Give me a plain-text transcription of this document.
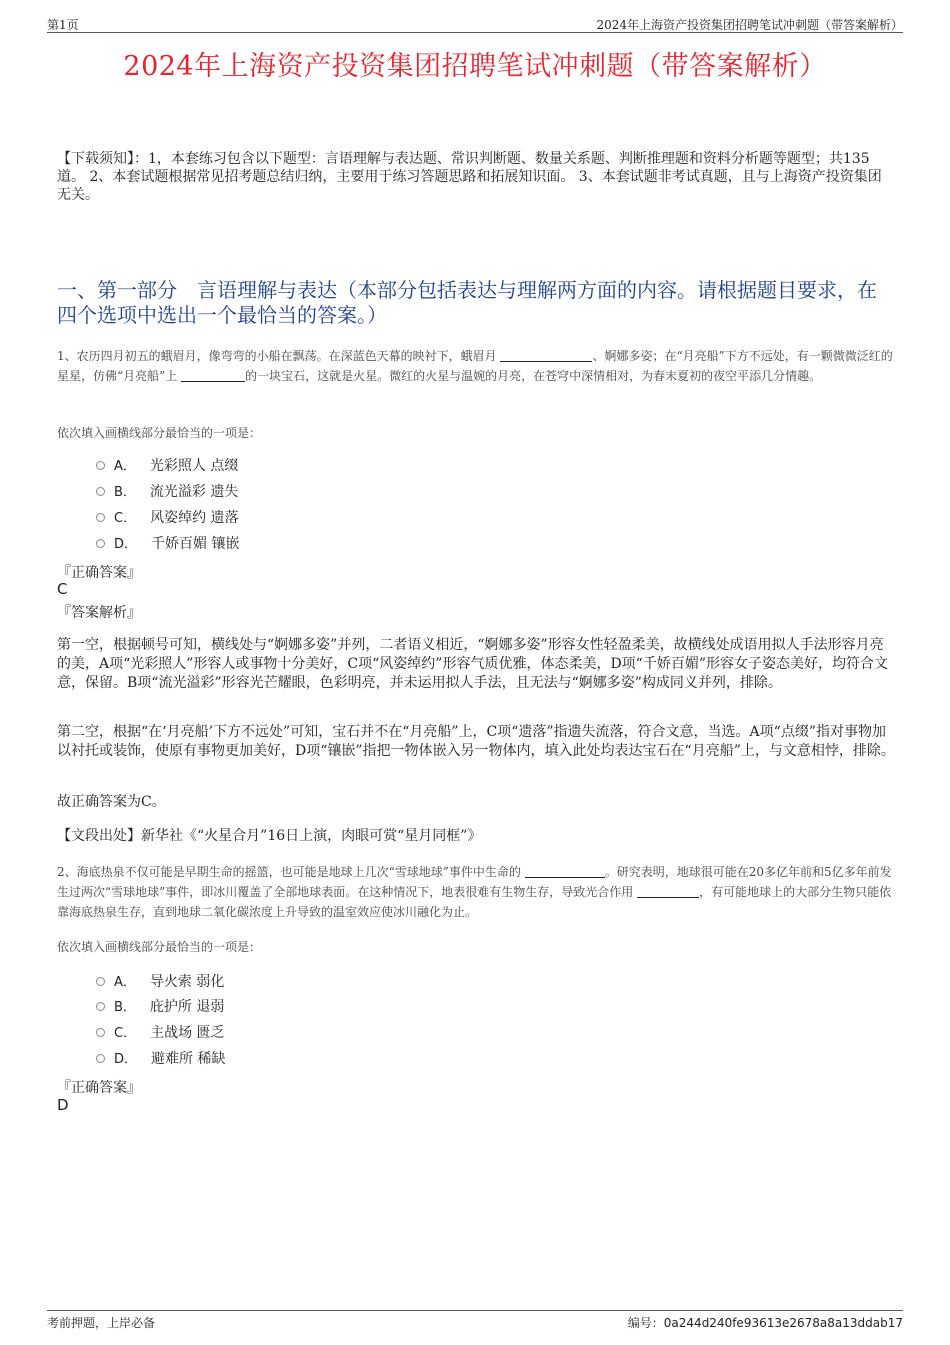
第1页	2024年上海资产投资集团招聘笔试冲刺题（带答案解析）
2024年上海资产投资集团招聘笔试冲刺题（带答案解析）
【下载须知】：1，本套练习包含以下题型：言语理解与表达题、常识判断题、数量关系题、判断推理题和资料分析题等题型；共135道。 2、本套试题根据常见招考题总结归纳，主要用于练习答题思路和拓展知识面。 3、本套试题非考试真题，且与上海资产投资集团无关。
一、第一部分　言语理解与表达（本部分包括表达与理解两方面的内容。请根据题目要求，在四个选项中选出一个最恰当的答案。）
1、农历四月初五的蛾眉月，像弯弯的小船在飘荡。在深蓝色天幕的映衬下，蛾眉月	、婀娜多姿；在“月亮船”下方不远处，有一颗微微泛红的星星，仿佛“月亮船”上	的一块宝石，这就是火星。微红的火星与温婉的月亮，在苍穹中深情相对，为春末夏初的夜空平添几分情趣。
依次填入画横线部分最恰当的一项是：
A． 光彩照人 点缀
B． 流光溢彩 遗失
C． 风姿绰约 遗落
D． 千娇百媚 镶嵌
『正确答案』
C
『答案解析』
第一空，根据顿号可知，横线处与“婀娜多姿”并列，二者语义相近，“婀娜多姿”形容女性轻盈柔美，故横线处成语用拟人手法形容月亮的美，A项“光彩照人”形容人或事物十分美好，C项“风姿绰约”形容气质优雅，体态柔美，D项“千娇百媚”形容女子姿态美好，均符合文意，保留。B项“流光溢彩”形容光芒耀眼，色彩明亮，并未运用拟人手法，且无法与“婀娜多姿”构成同义并列，排除。
第二空，根据“在‘月亮船’下方不远处”可知，宝石并不在“月亮船”上，C项“遗落”指遗失流落，符合文意，当选。A项“点缀”指对事物加以衬托或装饰，使原有事物更加美好，D项“镶嵌”指把一物体嵌入另一物体内，填入此处均表达宝石在“月亮船”上，与文意相悖，排除。
故正确答案为C。
【文段出处】新华社《“火星合月”16日上演，肉眼可赏“星月同框”》
2、海底热泉不仅可能是早期生命的摇篮，也可能是地球上几次“雪球地球”事件中生命的	。研究表明，地球很可能在20多亿年前和5亿多年前发生过两次“雪球地球”事件，即冰川覆盖了全部地球表面。在这种情况下，地表很难有生物生存，导致光合作用	，有可能地球上的大部分生物只能依靠海底热泉生存，直到地球二氧化碳浓度上升导致的温室效应使冰川融化为止。
依次填入画横线部分最恰当的一项是：
A． 导火索 弱化
B． 庇护所 退弱
C． 主战场 匮乏
D． 避难所 稀缺
『正确答案』
D
考前押题，上岸必备	编号：0a244d240fe93613e2678a8a13ddab17
